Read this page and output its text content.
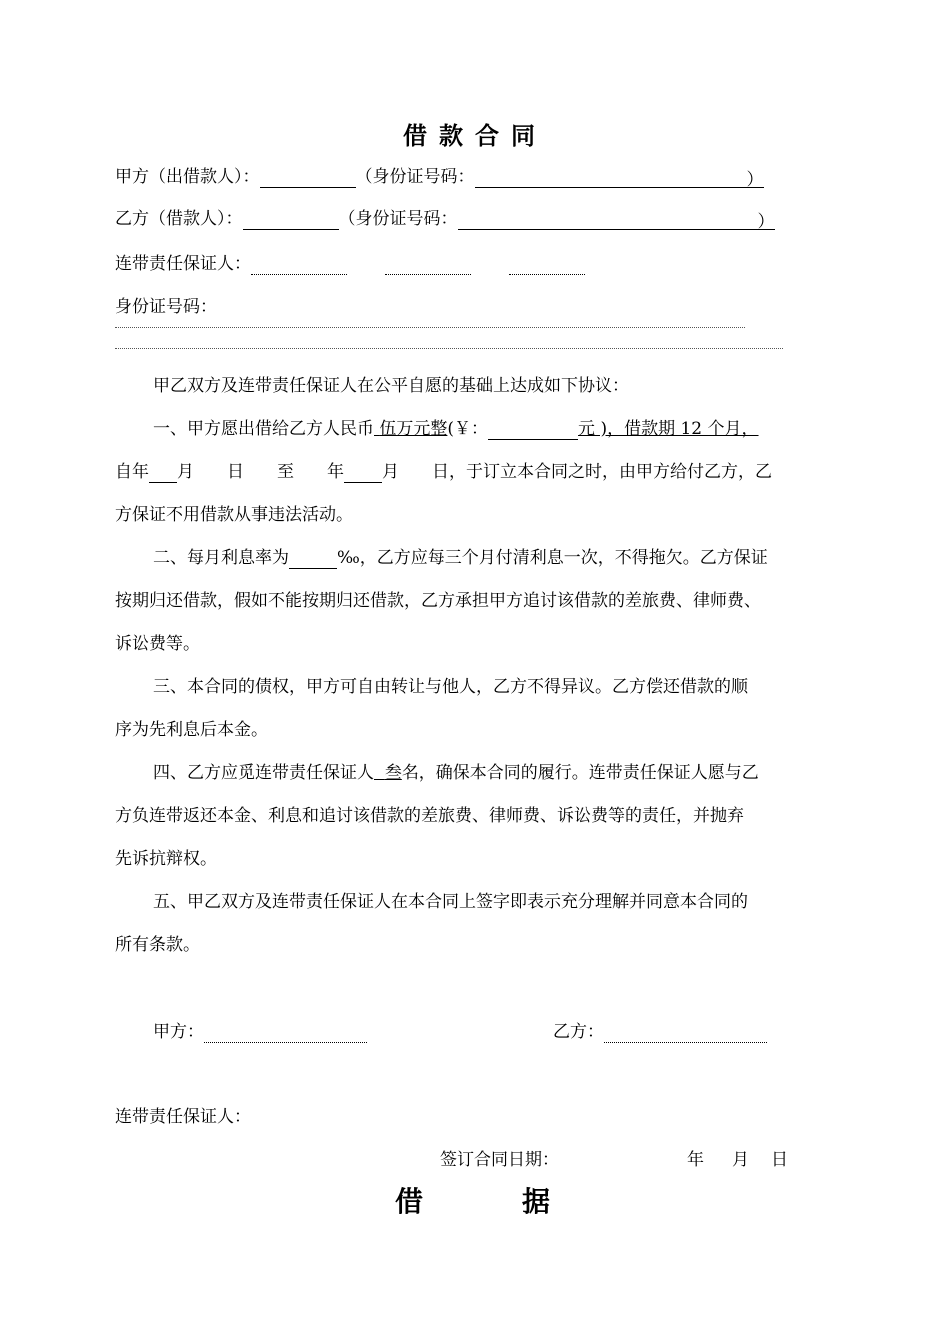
借款合同
甲方（出借款人）：	（身份证号码：	）
乙方（借款人）：	（身份证号码：	）
连带责任保证人：
身份证号码：
甲乙双方及连带责任保证人在公平自愿的基础上达成如下协议：
一、甲方愿出借给乙方人民币 伍万元整(￥：	元 )，借款期 12 个月，
自年 月 日 至 年 月 日，于订立本合同之时，由甲方给付乙方，乙
方保证不用借款从事违法活动。
二、每月利息率为	‰，乙方应每三个月付清利息一次，不得拖欠。乙方保证
按期归还借款，假如不能按期归还借款，乙方承担甲方追讨该借款的差旅费、律师费、
诉讼费等。
三、本合同的债权，甲方可自由转让与他人，乙方不得异议。乙方偿还借款的顺
序为先利息后本金。
四、乙方应觅连带责任保证人 叁名，确保本合同的履行。连带责任保证人愿与乙
方负连带返还本金、利息和追讨该借款的差旅费、律师费、诉讼费等的责任，并抛弃
先诉抗辩权。
五、甲乙双方及连带责任保证人在本合同上签字即表示充分理解并同意本合同的
所有条款。
甲方：	乙方：
连带责任保证人：
签订合同日期：	年 月 日
借	据
